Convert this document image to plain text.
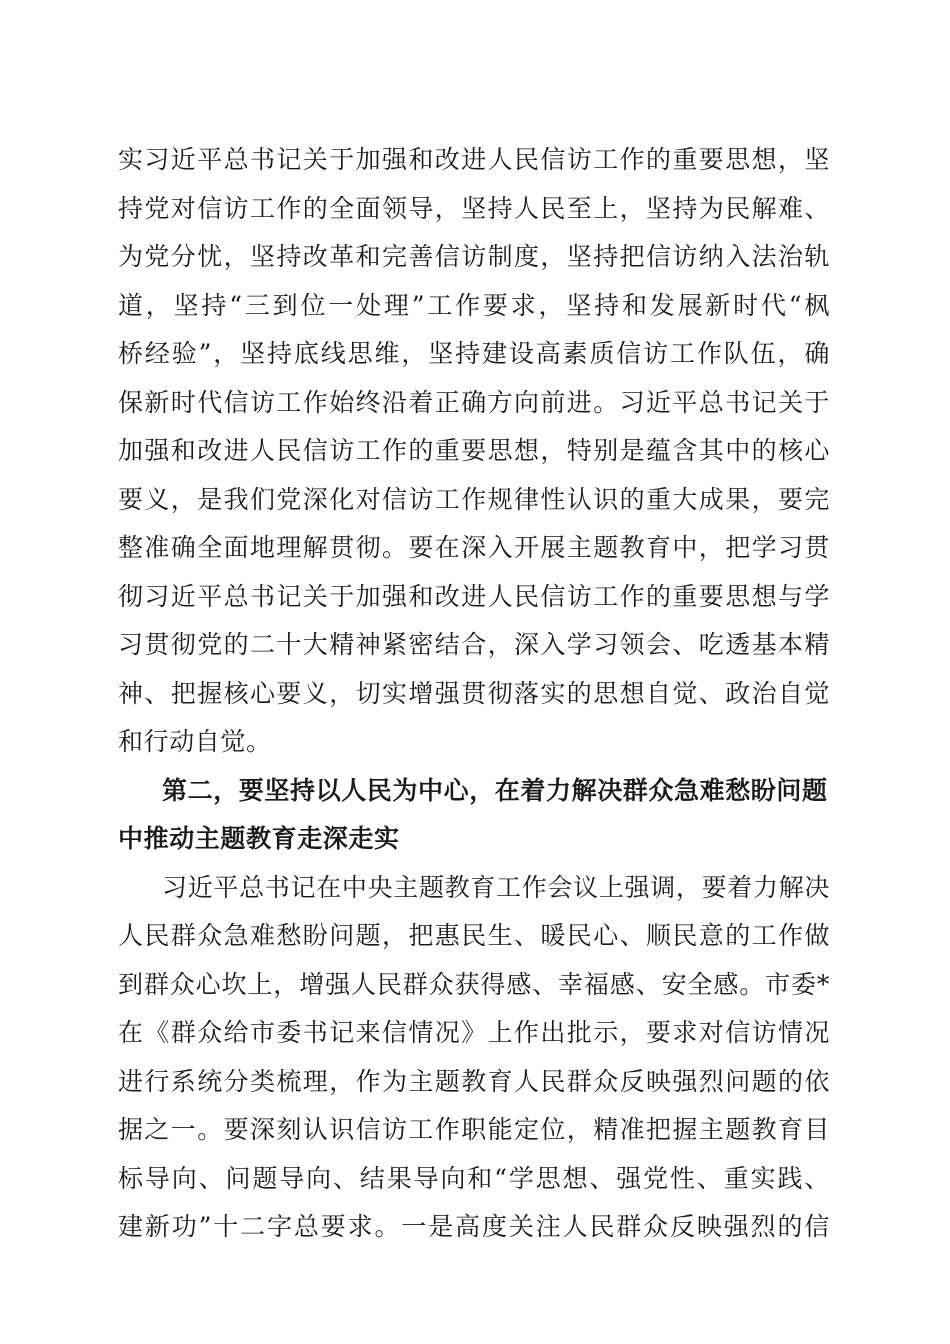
实习近平总书记关于加强和改进人民信访工作的重要思想，坚
持党对信访工作的全面领导，坚持人民至上，坚持为民解难、
为党分忧，坚持改革和完善信访制度，坚持把信访纳入法治轨
道，坚持“三到位一处理”工作要求，坚持和发展新时代“枫
桥经验”，坚持底线思维，坚持建设高素质信访工作队伍，确
保新时代信访工作始终沿着正确方向前进。习近平总书记关于
加强和改进人民信访工作的重要思想，特别是蕴含其中的核心
要义，是我们党深化对信访工作规律性认识的重大成果，要完
整准确全面地理解贯彻。要在深入开展主题教育中，把学习贯
彻习近平总书记关于加强和改进人民信访工作的重要思想与学
习贯彻党的二十大精神紧密结合，深入学习领会、吃透基本精
神、把握核心要义，切实增强贯彻落实的思想自觉、政治自觉
和行动自觉。
第二，要坚持以人民为中心，在着力解决群众急难愁盼问题
中推动主题教育走深走实
习近平总书记在中央主题教育工作会议上强调，要着力解决
人民群众急难愁盼问题，把惠民生、暖民心、顺民意的工作做
到群众心坎上，增强人民群众获得感、幸福感、安全感。市委*
在《群众给市委书记来信情况》上作出批示，要求对信访情况
进行系统分类梳理，作为主题教育人民群众反映强烈问题的依
据之一。要深刻认识信访工作职能定位，精准把握主题教育目
标导向、问题导向、结果导向和“学思想、强党性、重实践、
建新功”十二字总要求。一是高度关注人民群众反映强烈的信
